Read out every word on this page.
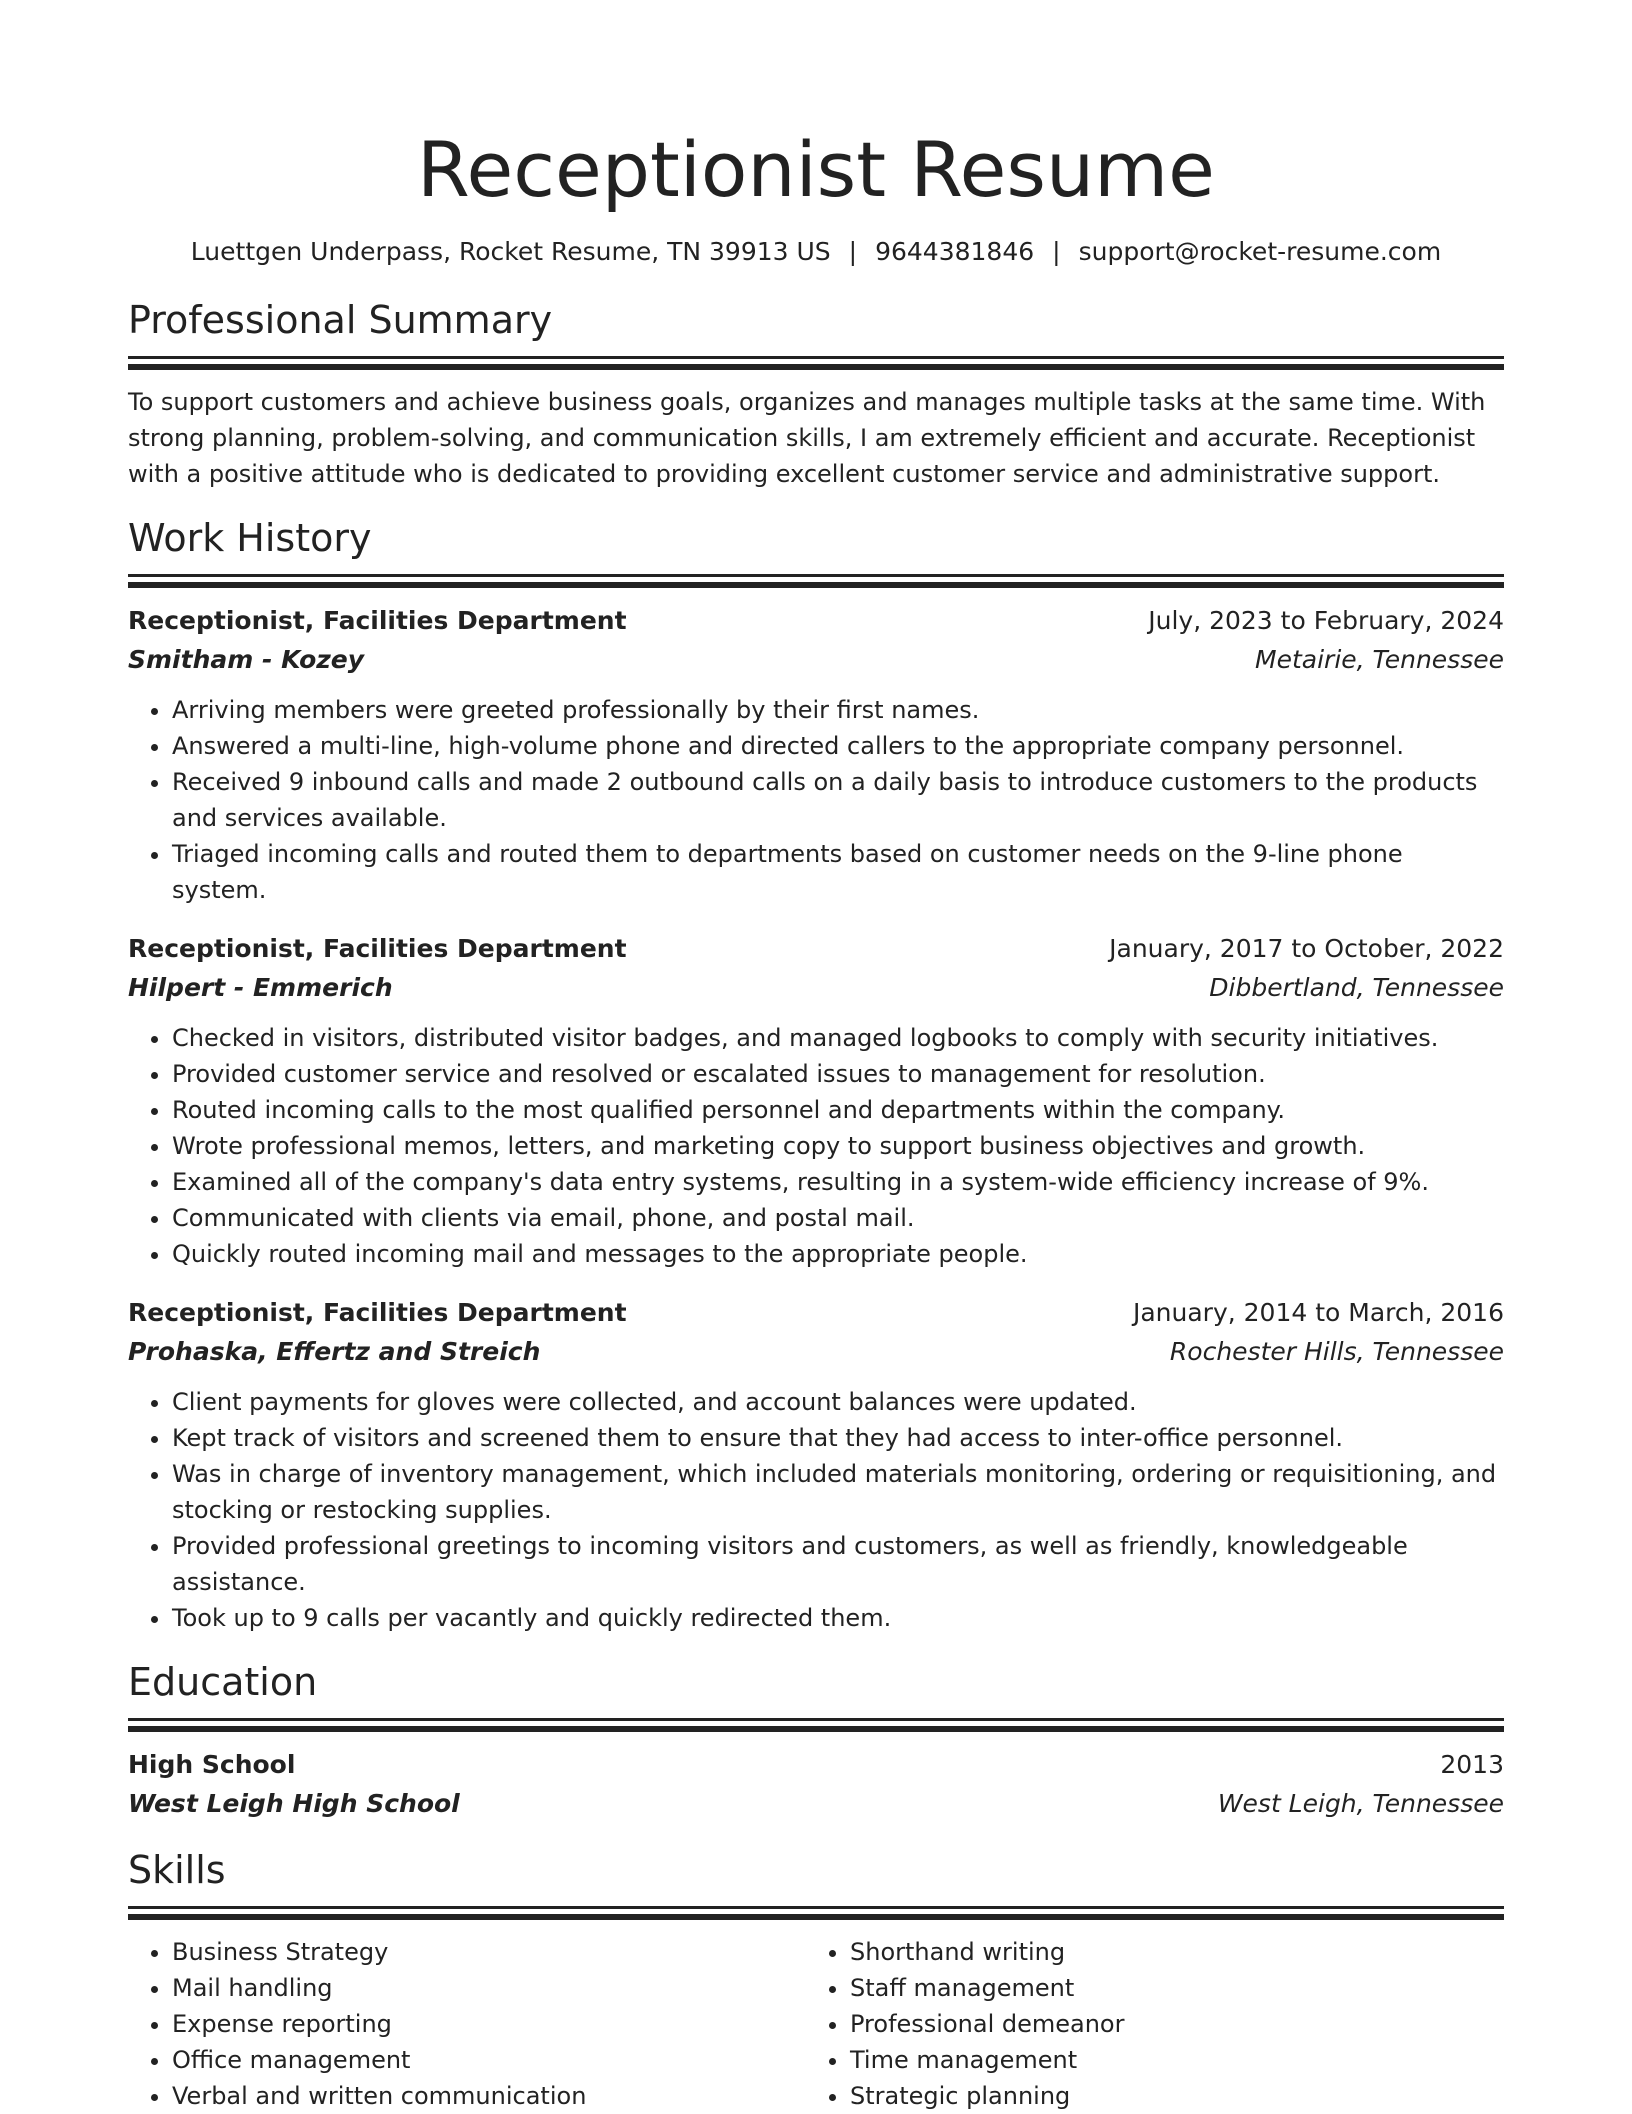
Receptionist Resume
Luettgen Underpass, Rocket Resume, TN 39913 US | 9644381846 | support@rocket-resume.com
Professional Summary
To support customers and achieve business goals, organizes and manages multiple tasks at the same time. With strong planning, problem-solving, and communication skills, I am extremely efficient and accurate. Receptionist with a positive attitude who is dedicated to providing excellent customer service and administrative support.
Work History
Receptionist, Facilities Department	July, 2023 to February, 2024
Smitham - Kozey	Metairie, Tennessee
• Arriving members were greeted professionally by their first names.
• Answered a multi-line, high-volume phone and directed callers to the appropriate company personnel.
• Received 9 inbound calls and made 2 outbound calls on a daily basis to introduce customers to the products and services available.
• Triaged incoming calls and routed them to departments based on customer needs on the 9-line phone system.
Receptionist, Facilities Department	January, 2017 to October, 2022
Hilpert - Emmerich	Dibbertland, Tennessee
• Checked in visitors, distributed visitor badges, and managed logbooks to comply with security initiatives.
• Provided customer service and resolved or escalated issues to management for resolution.
• Routed incoming calls to the most qualified personnel and departments within the company.
• Wrote professional memos, letters, and marketing copy to support business objectives and growth.
• Examined all of the company's data entry systems, resulting in a system-wide efficiency increase of 9%.
• Communicated with clients via email, phone, and postal mail.
• Quickly routed incoming mail and messages to the appropriate people.
Receptionist, Facilities Department	January, 2014 to March, 2016
Prohaska, Effertz and Streich	Rochester Hills, Tennessee
• Client payments for gloves were collected, and account balances were updated.
• Kept track of visitors and screened them to ensure that they had access to inter-office personnel.
• Was in charge of inventory management, which included materials monitoring, ordering or requisitioning, and stocking or restocking supplies.
• Provided professional greetings to incoming visitors and customers, as well as friendly, knowledgeable assistance.
• Took up to 9 calls per vacantly and quickly redirected them.
Education
High School	2013
West Leigh High School	West Leigh, Tennessee
Skills
• Business Strategy
• Mail handling
• Expense reporting
• Office management
• Verbal and written communication
• Shorthand writing
• Staff management
• Professional demeanor
• Time management
• Strategic planning
